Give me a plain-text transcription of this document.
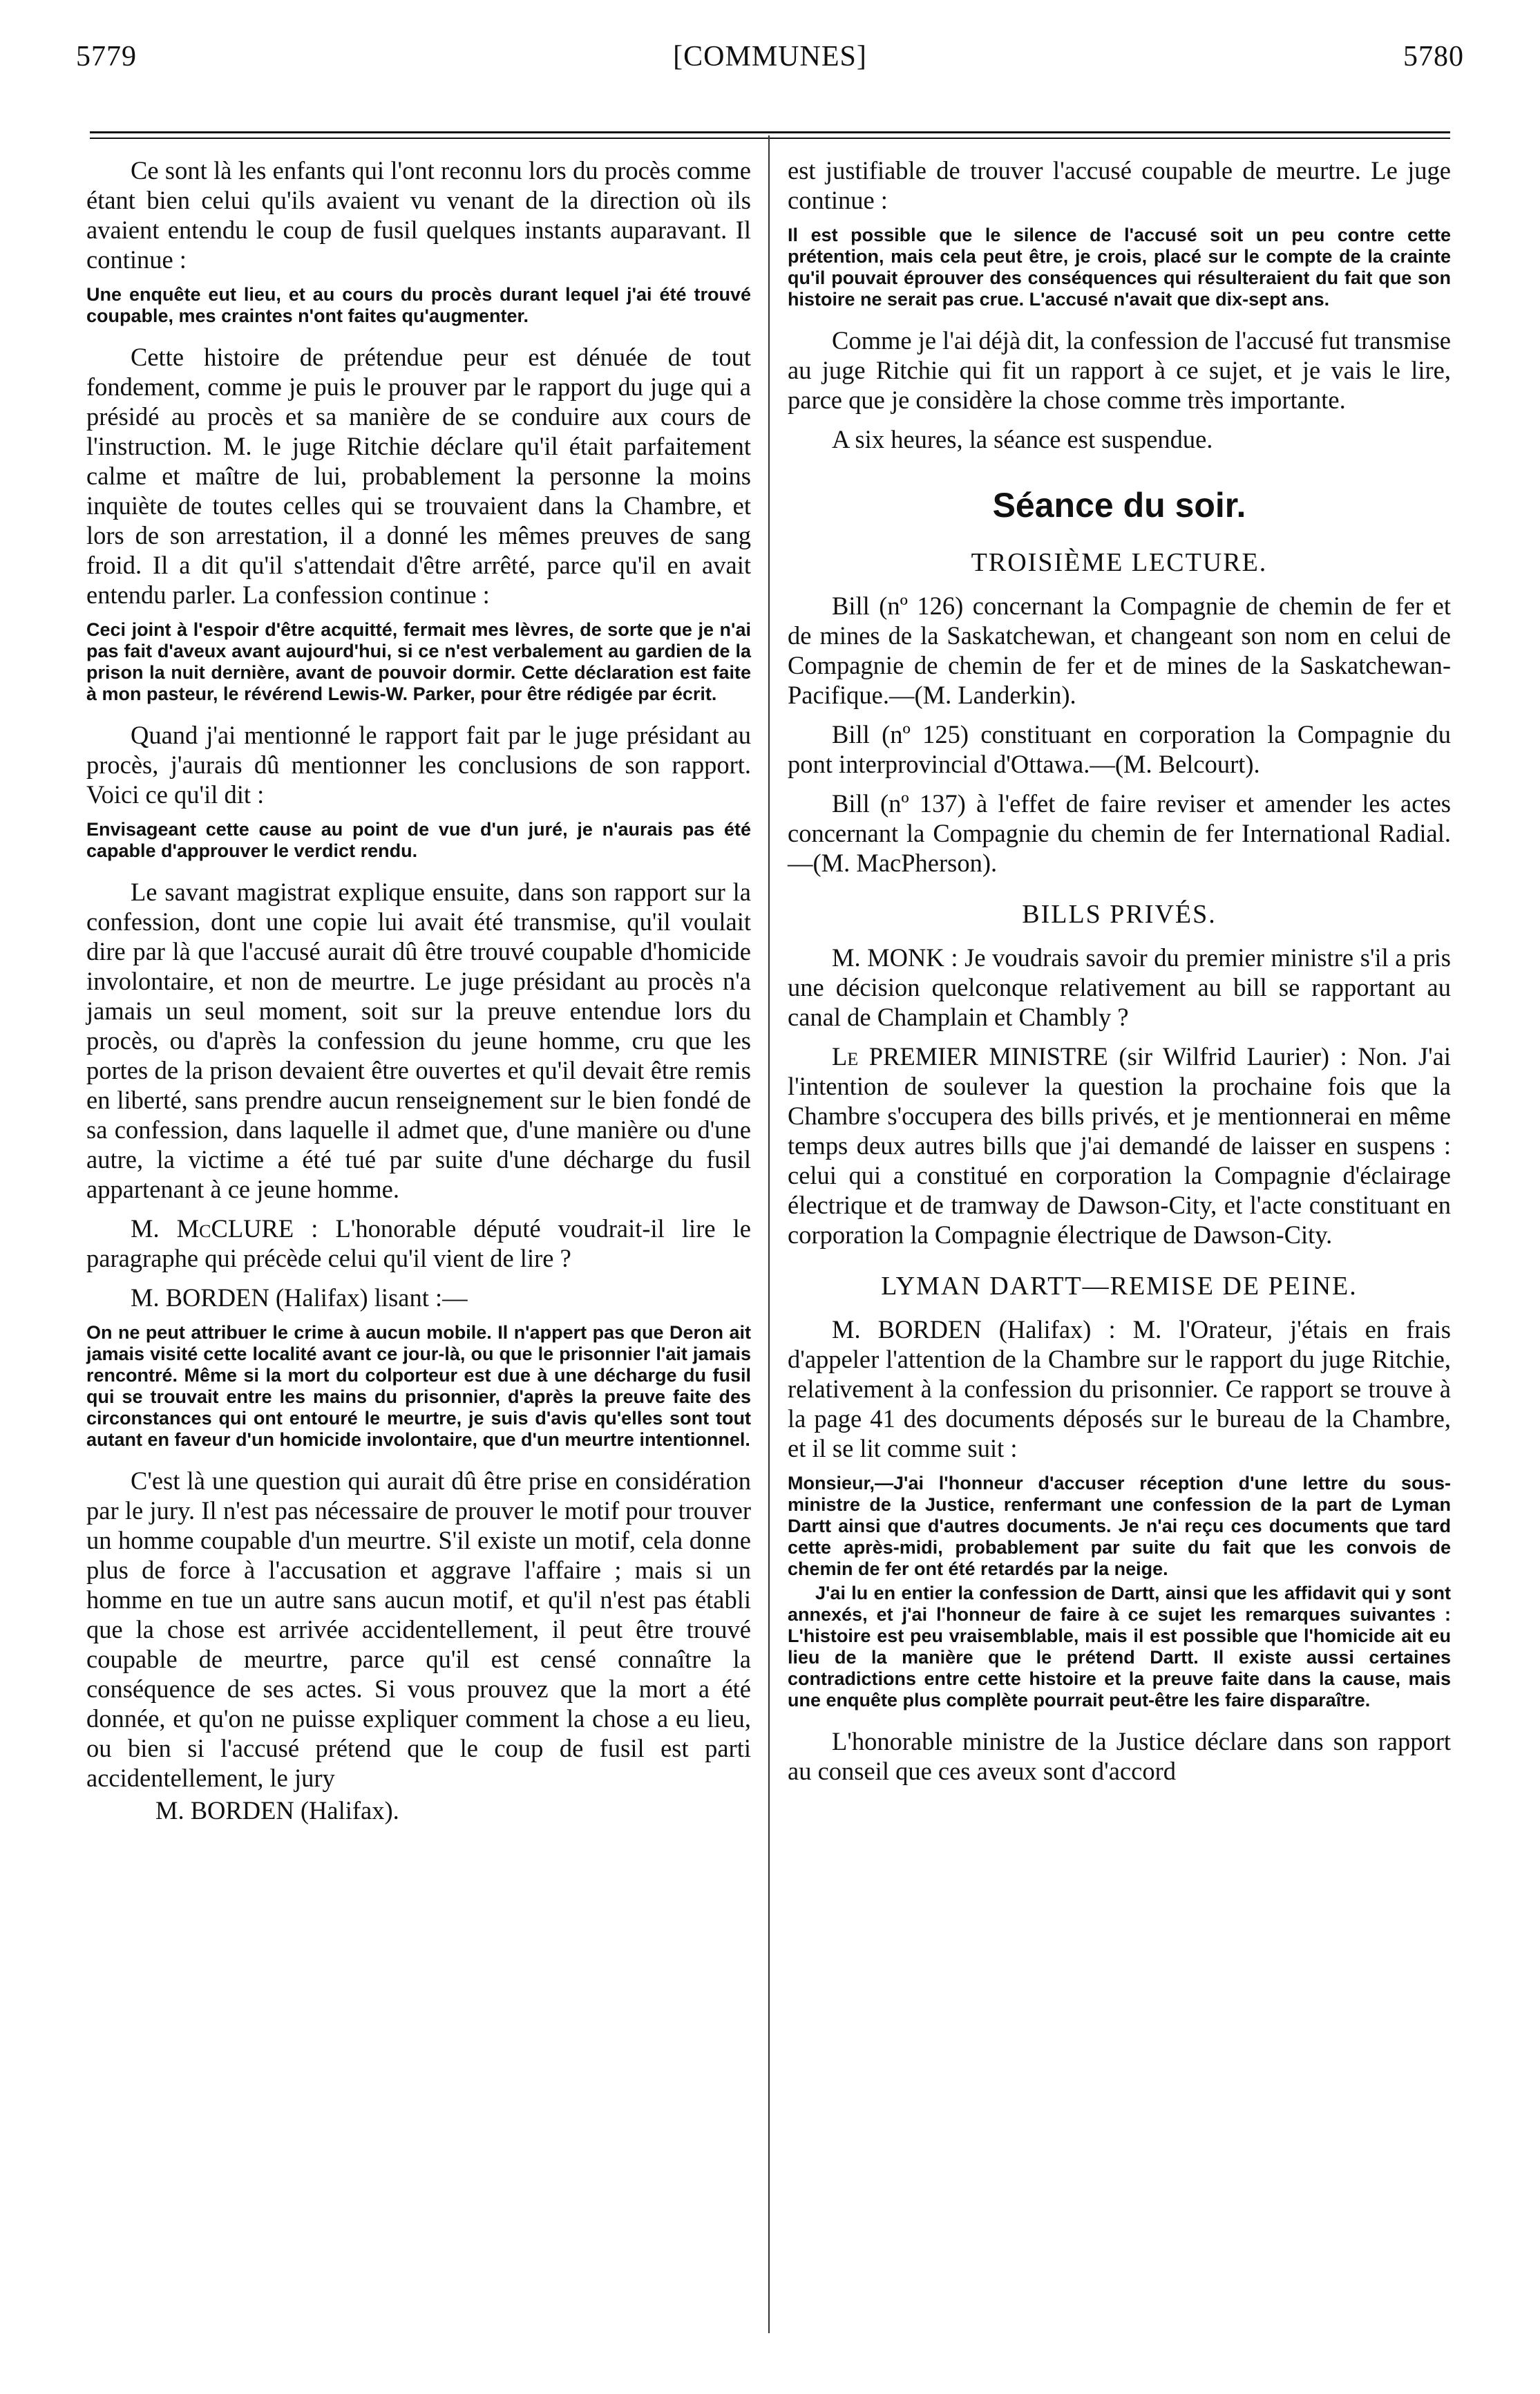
5779	[COMMUNES]	5780

Ce sont là les enfants qui l'ont reconnu lors du procès comme étant bien celui qu'ils avaient vu venant de la direction où ils avaient entendu le coup de fusil quelques instants auparavant. Il continue :

Une enquête eut lieu, et au cours du procès durant lequel j'ai été trouvé coupable, mes craintes n'ont faites qu'augmenter.

Cette histoire de prétendue peur est dénuée de tout fondement, comme je puis le prouver par le rapport du juge qui a présidé au procès et sa manière de se conduire aux cours de l'instruction. M. le juge Ritchie déclare qu'il était parfaitement calme et maître de lui, probablement la personne la moins inquiète de toutes celles qui se trouvaient dans la Chambre, et lors de son arrestation, il a donné les mêmes preuves de sang froid. Il a dit qu'il s'attendait d'être arrêté, parce qu'il en avait entendu parler. La confession continue :

Ceci joint à l'espoir d'être acquitté, fermait mes lèvres, de sorte que je n'ai pas fait d'aveux avant aujourd'hui, si ce n'est verbalement au gardien de la prison la nuit dernière, avant de pouvoir dormir. Cette déclaration est faite à mon pasteur, le révérend Lewis-W. Parker, pour être rédigée par écrit.

Quand j'ai mentionné le rapport fait par le juge présidant au procès, j'aurais dû mentionner les conclusions de son rapport. Voici ce qu'il dit :

Envisageant cette cause au point de vue d'un juré, je n'aurais pas été capable d'approuver le verdict rendu.

Le savant magistrat explique ensuite, dans son rapport sur la confession, dont une copie lui avait été transmise, qu'il voulait dire par là que l'accusé aurait dû être trouvé coupable d'homicide involontaire, et non de meurtre. Le juge présidant au procès n'a jamais un seul moment, soit sur la preuve entendue lors du procès, ou d'après la confession du jeune homme, cru que les portes de la prison devaient être ouvertes et qu'il devait être remis en liberté, sans prendre aucun renseignement sur le bien fondé de sa confession, dans laquelle il admet que, d'une manière ou d'une autre, la victime a été tué par suite d'une décharge du fusil appartenant à ce jeune homme.

M. McCLURE : L'honorable député voudrait-il lire le paragraphe qui précède celui qu'il vient de lire ?

M. BORDEN (Halifax) lisant :—

On ne peut attribuer le crime à aucun mobile. Il n'appert pas que Deron ait jamais visité cette localité avant ce jour-là, ou que le prisonnier l'ait jamais rencontré. Même si la mort du colporteur est due à une décharge du fusil qui se trouvait entre les mains du prisonnier, d'après la preuve faite des circonstances qui ont entouré le meurtre, je suis d'avis qu'elles sont tout autant en faveur d'un homicide involontaire, que d'un meurtre intentionnel.

C'est là une question qui aurait dû être prise en considération par le jury. Il n'est pas nécessaire de prouver le motif pour trouver un homme coupable d'un meurtre. S'il existe un motif, cela donne plus de force à l'accusation et aggrave l'affaire ; mais si un homme en tue un autre sans aucun motif, et qu'il n'est pas établi que la chose est arrivée accidentellement, il peut être trouvé coupable de meurtre, parce qu'il est censé connaître la conséquence de ses actes. Si vous prouvez que la mort a été donnée, et qu'on ne puisse expliquer comment la chose a eu lieu, ou bien si l'accusé prétend que le coup de fusil est parti accidentellement, le jury

M. BORDEN (Halifax).

est justifiable de trouver l'accusé coupable de meurtre. Le juge continue :

Il est possible que le silence de l'accusé soit un peu contre cette prétention, mais cela peut être, je crois, placé sur le compte de la crainte qu'il pouvait éprouver des conséquences qui résulteraient du fait que son histoire ne serait pas crue. L'accusé n'avait que dix-sept ans.

Comme je l'ai déjà dit, la confession de l'accusé fut transmise au juge Ritchie qui fit un rapport à ce sujet, et je vais le lire, parce que je considère la chose comme très importante.

A six heures, la séance est suspendue.

Séance du soir.
TROISIÈME LECTURE.

Bill (nº 126) concernant la Compagnie de chemin de fer et de mines de la Saskatchewan, et changeant son nom en celui de Compagnie de chemin de fer et de mines de la Saskatchewan-Pacifique.—(M. Landerkin).

Bill (nº 125) constituant en corporation la Compagnie du pont interprovincial d'Ottawa.—(M. Belcourt).

Bill (nº 137) à l'effet de faire reviser et amender les actes concernant la Compagnie du chemin de fer International Radial.—(M. MacPherson).

BILLS PRIVÉS.

M. MONK : Je voudrais savoir du premier ministre s'il a pris une décision quelconque relativement au bill se rapportant au canal de Champlain et Chambly ?

Le PREMIER MINISTRE (sir Wilfrid Laurier) : Non. J'ai l'intention de soulever la question la prochaine fois que la Chambre s'occupera des bills privés, et je mentionnerai en même temps deux autres bills que j'ai demandé de laisser en suspens : celui qui a constitué en corporation la Compagnie d'éclairage électrique et de tramway de Dawson-City, et l'acte constituant en corporation la Compagnie électrique de Dawson-City.

LYMAN DARTT—REMISE DE PEINE.

M. BORDEN (Halifax) : M. l'Orateur, j'étais en frais d'appeler l'attention de la Chambre sur le rapport du juge Ritchie, relativement à la confession du prisonnier. Ce rapport se trouve à la page 41 des documents déposés sur le bureau de la Chambre, et il se lit comme suit :

Monsieur,—J'ai l'honneur d'accuser réception d'une lettre du sous-ministre de la Justice, renfermant une confession de la part de Lyman Dartt ainsi que d'autres documents. Je n'ai reçu ces documents que tard cette après-midi, probablement par suite du fait que les convois de chemin de fer ont été retardés par la neige.

J'ai lu en entier la confession de Dartt, ainsi que les affidavit qui y sont annexés, et j'ai l'honneur de faire à ce sujet les remarques suivantes : L'histoire est peu vraisemblable, mais il est possible que l'homicide ait eu lieu de la manière que le prétend Dartt. Il existe aussi certaines contradictions entre cette histoire et la preuve faite dans la cause, mais une enquête plus complète pourrait peut-être les faire disparaître.

L'honorable ministre de la Justice déclare dans son rapport au conseil que ces aveux sont d'accord
